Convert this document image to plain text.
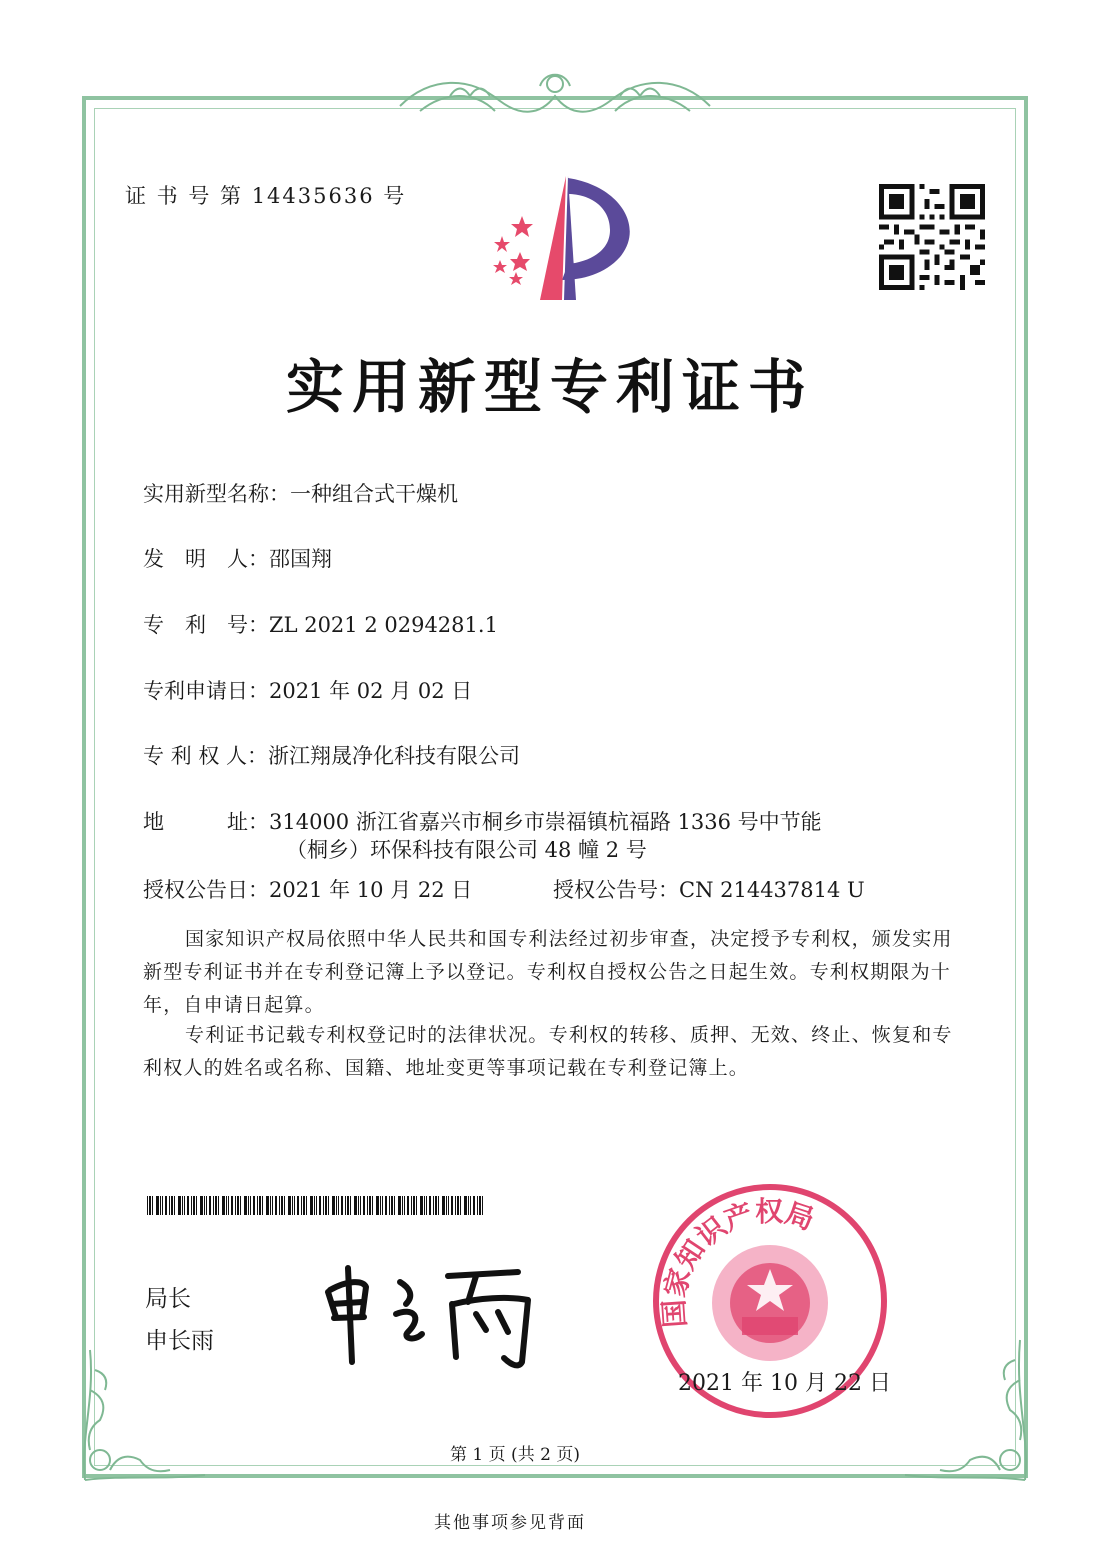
证 书 号 第 14435636 号
实用新型专利证书
实用新型名称：一种组合式干燥机
发　明　人：邵国翔
专　利　号：ZL 2021 2 0294281.1
专利申请日：2021 年 02 月 02 日
专 利 权 人：浙江翔晟净化科技有限公司
地　　　址：314000 浙江省嘉兴市桐乡市崇福镇杭福路 1336 号中节能
（桐乡）环保科技有限公司 48 幢 2 号
授权公告日：2021 年 10 月 22 日	授权公告号：CN 214437814 U
国家知识产权局依照中华人民共和国专利法经过初步审查，决定授予专利权，颁发实用新型专利证书并在专利登记簿上予以登记。专利权自授权公告之日起生效。专利权期限为十年，自申请日起算。
专利证书记载专利权登记时的法律状况。专利权的转移、质押、无效、终止、恢复和专利权人的姓名或名称、国籍、地址变更等事项记载在专利登记簿上。
局长
申长雨
国家知识产权局
2021 年 10 月 22 日
第 1 页 (共 2 页)
其他事项参见背面
